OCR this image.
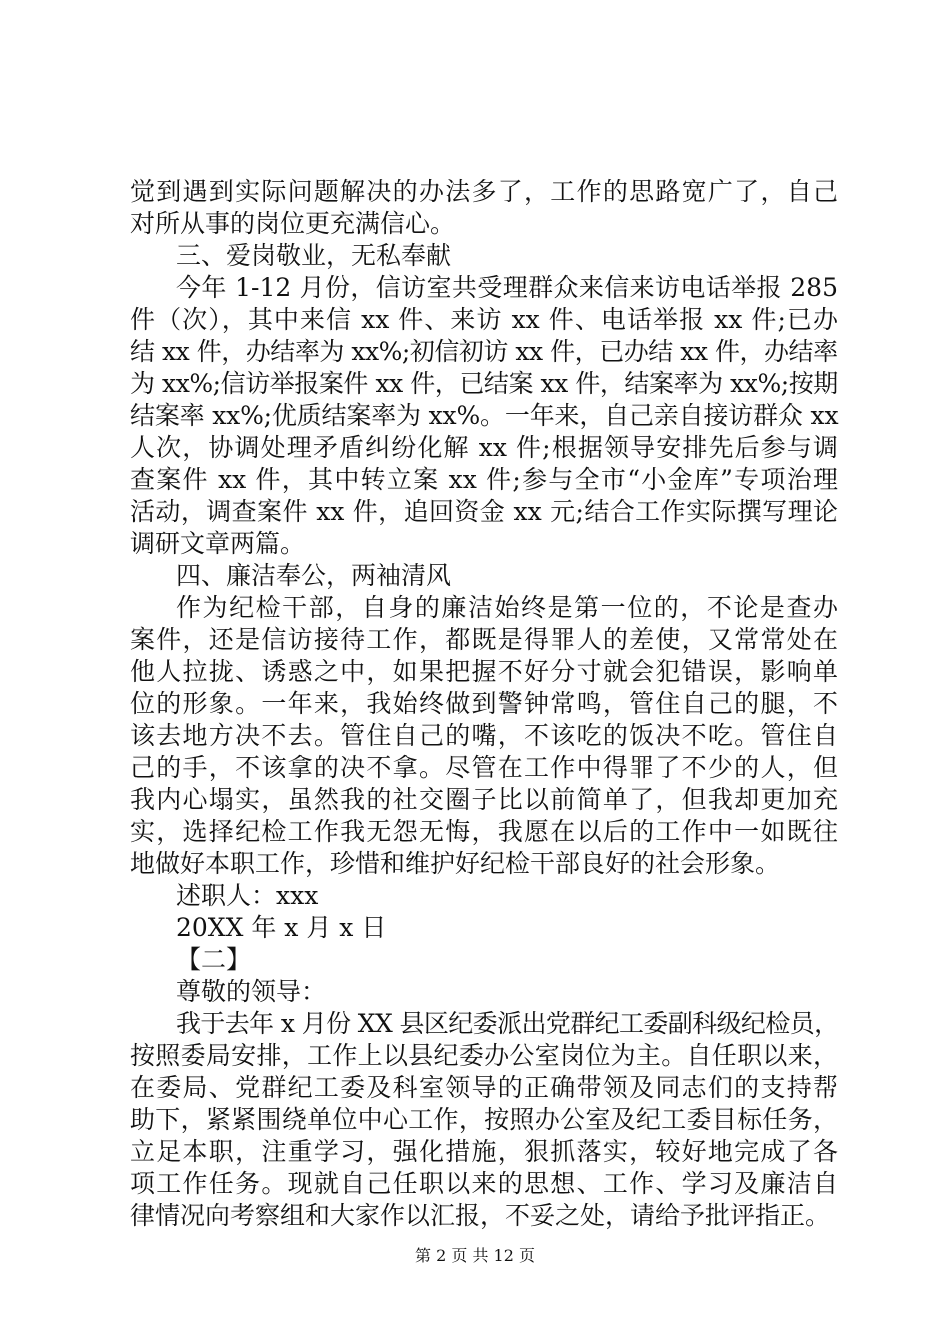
觉到遇到实际问题解决的办法多了，工作的思路宽广了，自己
对所从事的岗位更充满信心。
三、爱岗敬业，无私奉献
今年 1-12 月份，信访室共受理群众来信来访电话举报 285
件（次），其中来信 xx 件、来访 xx 件、电话举报 xx 件;已办
结 xx 件，办结率为 xx%;初信初访 xx 件，已办结 xx 件，办结率
为 xx%;信访举报案件 xx 件，已结案 xx 件，结案率为 xx%;按期
结案率 xx%;优质结案率为 xx%。一年来，自己亲自接访群众 xx
人次，协调处理矛盾纠纷化解 xx 件;根据领导安排先后参与调
查案件 xx 件，其中转立案 xx 件;参与全市“小金库”专项治理
活动，调查案件 xx 件，追回资金 xx 元;结合工作实际撰写理论
调研文章两篇。
四、廉洁奉公，两袖清风
作为纪检干部，自身的廉洁始终是第一位的，不论是查办
案件，还是信访接待工作，都既是得罪人的差使，又常常处在
他人拉拢、诱惑之中，如果把握不好分寸就会犯错误，影响单
位的形象。一年来，我始终做到警钟常鸣，管住自己的腿，不
该去地方决不去。管住自己的嘴，不该吃的饭决不吃。管住自
己的手，不该拿的决不拿。尽管在工作中得罪了不少的人，但
我内心塌实，虽然我的社交圈子比以前简单了，但我却更加充
实，选择纪检工作我无怨无悔，我愿在以后的工作中一如既往
地做好本职工作，珍惜和维护好纪检干部良好的社会形象。
述职人：xxx
20XX 年 x 月 x 日
【二】
尊敬的领导：
我于去年 x 月份 XX 县区纪委派出党群纪工委副科级纪检员，
按照委局安排，工作上以县纪委办公室岗位为主。自任职以来，
在委局、党群纪工委及科室领导的正确带领及同志们的支持帮
助下，紧紧围绕单位中心工作，按照办公室及纪工委目标任务，
立足本职，注重学习，强化措施，狠抓落实，较好地完成了各
项工作任务。现就自己任职以来的思想、工作、学习及廉洁自
律情况向考察组和大家作以汇报，不妥之处，请给予批评指正。
第 2 页 共 12 页
